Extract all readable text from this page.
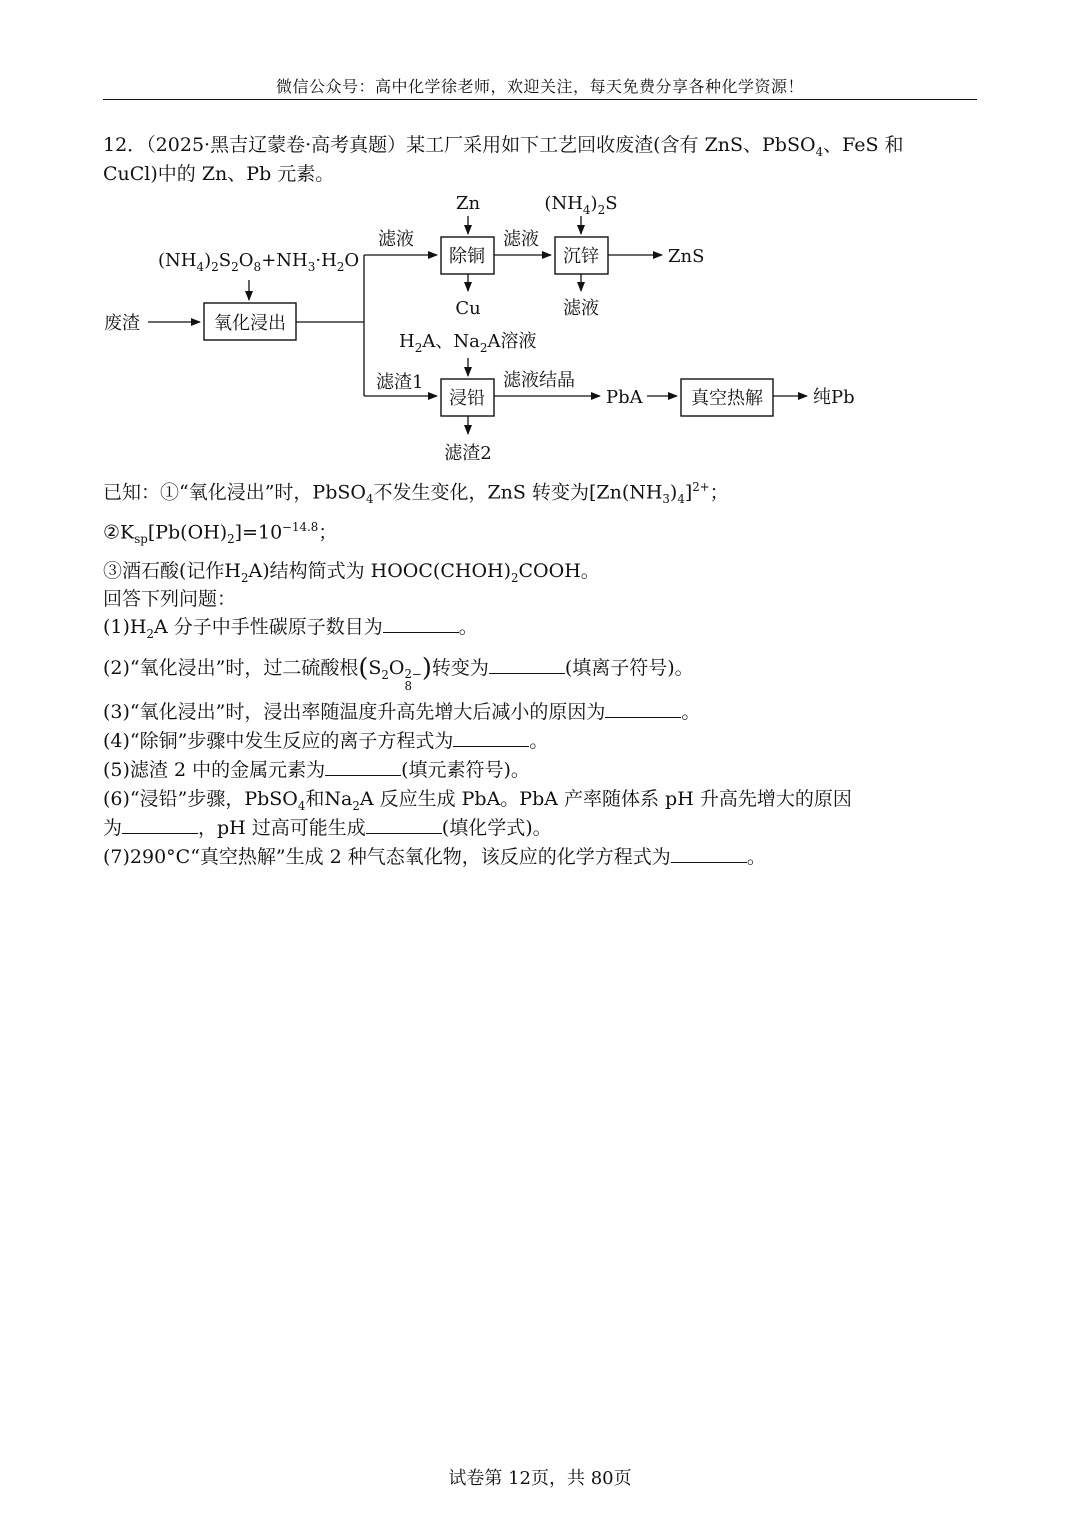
微信公众号：高中化学徐老师，欢迎关注，每天免费分享各种化学资源！
12．（2025·黑吉辽蒙卷·高考真题）某工厂采用如下工艺回收废渣(含有 ZnS、PbSO$_4$、FeS 和
CuCl)中的 Zn、Pb 元素。
$(NH_4)_2S_2O_8+NH_3\cdot H_2O$
废渣	氧化浸出
滤液
滤渣1
Zn
除铜
Cu
滤液
$(NH_4)_2S$
沉锌
滤液
ZnS
$H_2A$、$Na_2A$溶液
浸铅
滤渣2
滤液结晶
PbA	真空热解	纯Pb
已知：①“氧化浸出”时，PbSO$_4$不发生变化，ZnS 转变为$[Zn(NH_3)_4]^{2+}$；
$②K_{sp}[Pb(OH)_2]=10^{-14.8}$；
③酒石酸(记作$H_2A$)结构简式为 $HOOC(CHOH)_2COOH$。
回答下列问题：
$(1)H_2A$ 分子中手性碳原子数目为	。
(2)“氧化浸出”时，过二硫酸根($S_2O$ 2−
8
)转变为	(填离子符号)。
(3)“氧化浸出”时，浸出率随温度升高先增大后减小的原因为	。
(4)“除铜”步骤中发生反应的离子方程式为	。
(5)滤渣 2 中的金属元素为	(填元素符号)。
(6)“浸铅”步骤，PbSO$_4$和$Na_2A$ 反应生成 PbA。PbA 产率随体系 pH 升高先增大的原因
为	，pH 过高可能生成	(填化学式)。
(7)290°C“真空热解”生成 2 种气态氧化物，该反应的化学方程式为	。
试卷第 12页，共 80页
